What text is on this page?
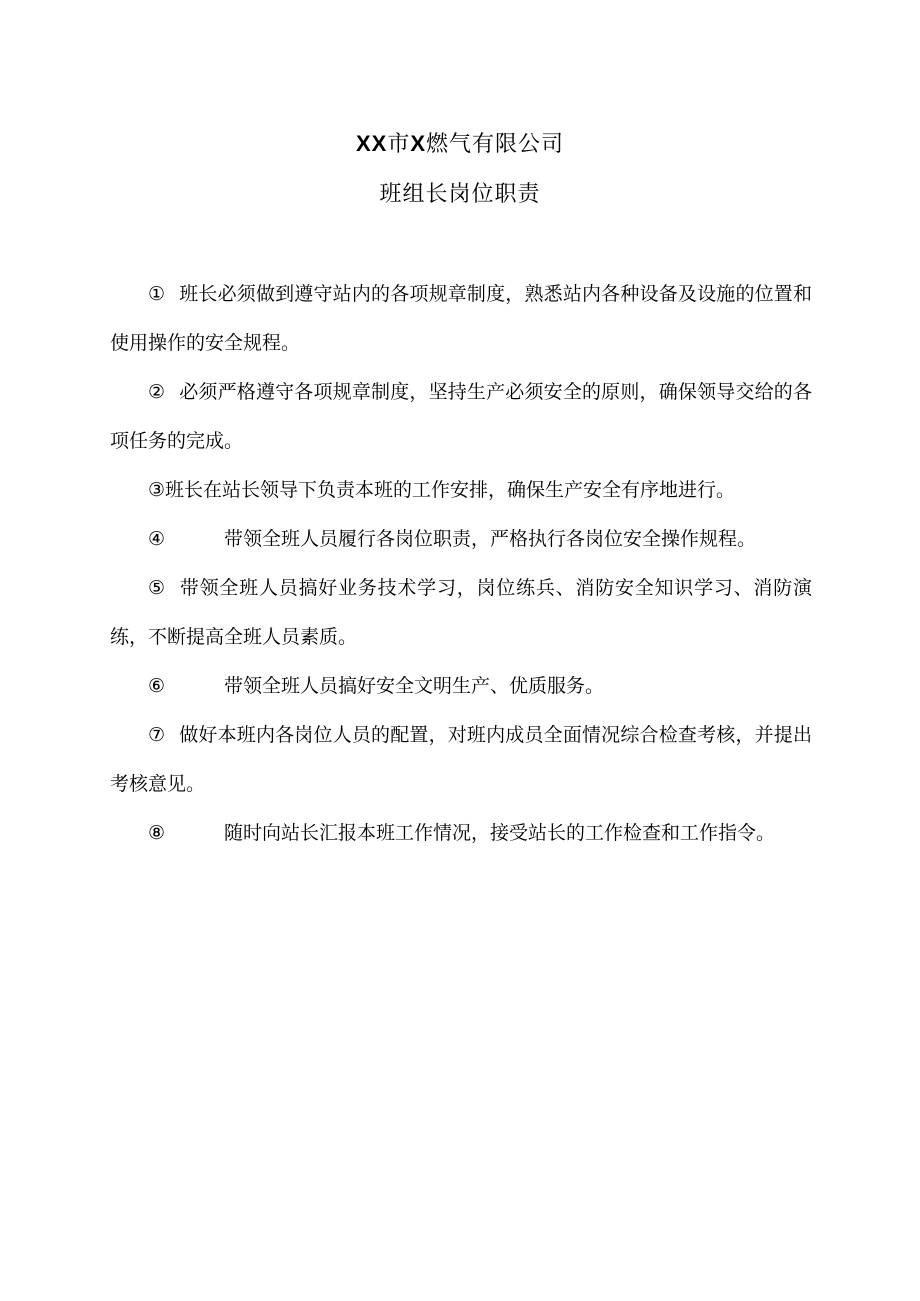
XX市X燃气有限公司
班组长岗位职责

① 班长必须做到遵守站内的各项规章制度，熟悉站内各种设备及设施的位置和使用操作的安全规程。

② 必须严格遵守各项规章制度，坚持生产必须安全的原则，确保领导交给的各项任务的完成。

③班长在站长领导下负责本班的工作安排，确保生产安全有序地进行。

④	带领全班人员履行各岗位职责，严格执行各岗位安全操作规程。

⑤ 带领全班人员搞好业务技术学习，岗位练兵、消防安全知识学习、消防演练，不断提高全班人员素质。

⑥	带领全班人员搞好安全文明生产、优质服务。

⑦ 做好本班内各岗位人员的配置，对班内成员全面情况综合检查考核，并提出考核意见。

⑧	随时向站长汇报本班工作情况，接受站长的工作检查和工作指令。
